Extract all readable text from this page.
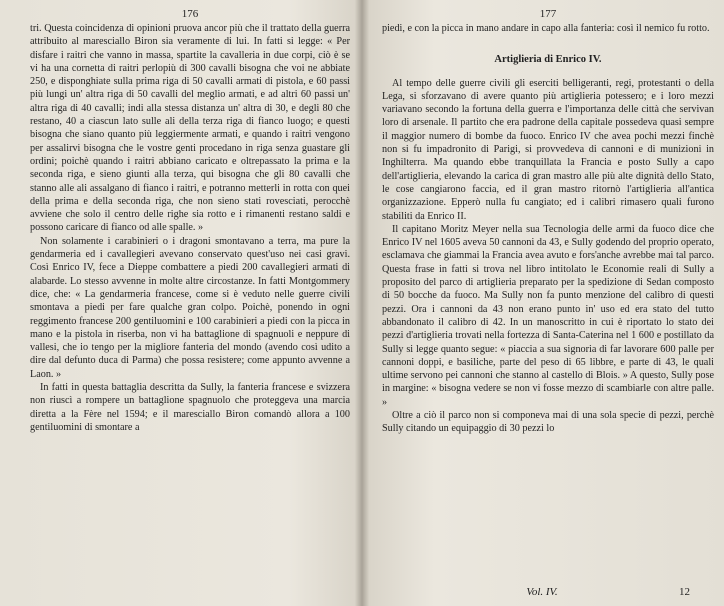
176

tri. Questa coincidenza di opinioni pruova ancor più che il trattato della guerra attribuito al maresciallo Biron sia veramente di lui. In fatti si legge: « Per disfare i raitri che vanno in massa, spartite la cavalleria in due corpi, ciò è se vi ha una cornetta di raitri perlopiù di 300 cavalli bisogna che voi ne abbiate 250, e disponghiate sulla prima riga di 50 cavalli armati di pistola, e 60 passi più lungi un' altra riga di 50 cavalli del meglio armati, e ad altri 60 passi un' altra riga di 40 cavalli; indi alla stessa distanza un' altra di 30, e degli 80 che restano, 40 a ciascun lato sulle ali della terza riga di fianco luogo; e questi bisogna che siano quanto più leggiermente armati, e quando i raitri vengono per assalirvi bisogna che le vostre genti procedano in riga senza guastare gli ordini; poichè quando i raitri abbiano caricato e oltrepassato la prima e la seconda riga, e sieno giunti alla terza, qui bisogna che gli 80 cavalli che stanno alle ali assalgano di fianco i raitri, e potranno metterli in rotta con quei della prima e della seconda riga, che non sieno stati rovesciati, perocchè avviene che solo il centro delle righe sia rotto e i rimanenti restano saldi e possono caricare di fianco od alle spalle. »

Non solamente i carabinieri o i dragoni smontavano a terra, ma pure la gendarmeria ed i cavallegieri avevano conservato quest'uso nei casi gravi. Così Enrico IV, fece a Dieppe combattere a piedi 200 cavallegieri armati di alabarde. Lo stesso avvenne in molte altre circostanze. In fatti Montgommery dice, che: « La gendarmeria francese, come si è veduto nelle guerre civili smontava a piedi per fare qualche gran colpo. Poichè, ponendo in ogni reggimento francese 200 gentiluomini e 100 carabinieri a piedi con la picca in mano e la pistola in riserba, non vi ha battaglione di spagnuoli e neppure di vallesi, che io tengo per la migliore fanteria del mondo (avendo così udito a dire dal defunto duca di Parma) che possa resistere; come appunto avvenne a Laon. »

In fatti in questa battaglia descritta da Sully, la fanteria francese e svizzera non riuscì a rompere un battaglione spagnuolo che proteggeva una marcia diretta a la Fère nel 1594; e il maresciallo Biron comandò allora a 100 gentiluomini di smontare a

177

piedi, e con la picca in mano andare in capo alla fanteria: così il nemico fu rotto.

Artiglieria di Enrico IV.

Al tempo delle guerre civili gli eserciti belligeranti, regi, protestanti o della Lega, si sforzavano di avere quanto più artiglieria potessero; e i loro mezzi variavano secondo la fortuna della guerra e l'importanza delle città che servivan loro di arsenale. Il partito che era padrone della capitale possedeva quasi sempre il maggior numero di bombe da fuoco. Enrico IV che avea pochi mezzi finchè non si fu impadronito di Parigi, si provvedeva di cannoni e di munizioni in Inghilterra. Ma quando ebbe tranquillata la Francia e posto Sully a capo dell'artiglieria, elevando la carica di gran mastro alle più alte dignità dello Stato, le cose cangiarono faccia, ed il gran mastro ritornò l'artiglieria all'antica organizzazione. Epperò nulla fu cangiato; ed i calibri rimasero quali furono stabiliti da Enrico II.

Il capitano Moritz Meyer nella sua Tecnologia delle armi da fuoco dice che Enrico IV nel 1605 aveva 50 cannoni da 43, e Sully godendo del proprio operato, esclamava che giammai la Francia avea avuto e fors'anche avrebbe mai tal parco. Questa frase in fatti si trova nel libro intitolato le Economie reali di Sully a proposito del parco di artiglieria preparato per la spedizione di Sedan composto di 50 bocche da fuoco. Ma Sully non fa punto menzione del calibro di questi pezzi. Ora i cannoni da 43 non erano punto in' uso ed era stato del tutto abbandonato il calibro di 42. In un manoscritto in cui è riportato lo stato dei pezzi d'artiglieria trovati nella fortezza di Santa-Caterina nel 1 600 e postillato da Sully si legge quanto segue: « piaccia a sua signoria di far lavorare 600 palle per cannoni doppi, e basiliche, parte del peso di 65 libbre, e parte di 43, le quali ultime servono pei cannoni che stanno al castello di Blois. » A questo, Sully pose in margine: « bisogna vedere se non vi fosse mezzo di scambiarle con altre palle. »

Oltre a ciò il parco non si componeva mai di una sola specie di pezzi, perchè Sully citando un equipaggio di 30 pezzi lo

Vol. IV.	12
